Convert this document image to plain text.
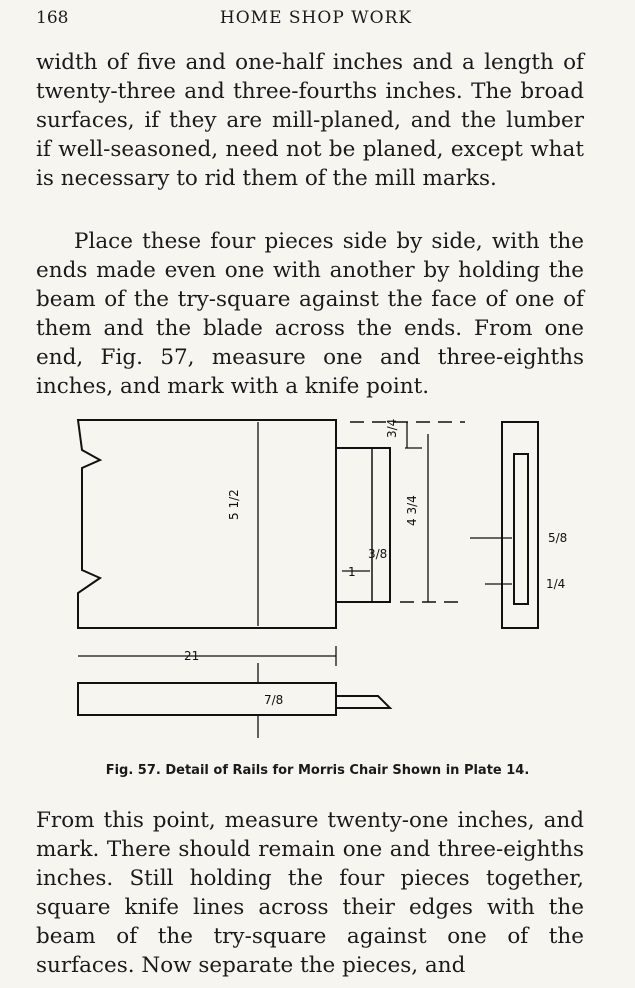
168	HOME SHOP WORK

width of five and one-half inches and a length of twenty-three and three-fourths inches. The broad surfaces, if they are mill-planed, and the lumber if well-seasoned, need not be planed, except what is necessary to rid them of the mill marks.

Place these four pieces side by side, with the ends made even one with another by holding the beam of the try-square against the face of one of them and the blade across the ends. From one end, Fig. 57, measure one and three-eighths inches, and mark with a knife point.

5 1/2
3/8
1
4 3/4
3/4
5/8
1/4
21
7/8
Fig. 57. Detail of Rails for Morris Chair Shown in Plate 14.

From this point, measure twenty-one inches, and mark. There should remain one and three-eighths inches. Still holding the four pieces together, square knife lines across their edges with the beam of the try-square against one of the surfaces. Now separate the pieces, and
